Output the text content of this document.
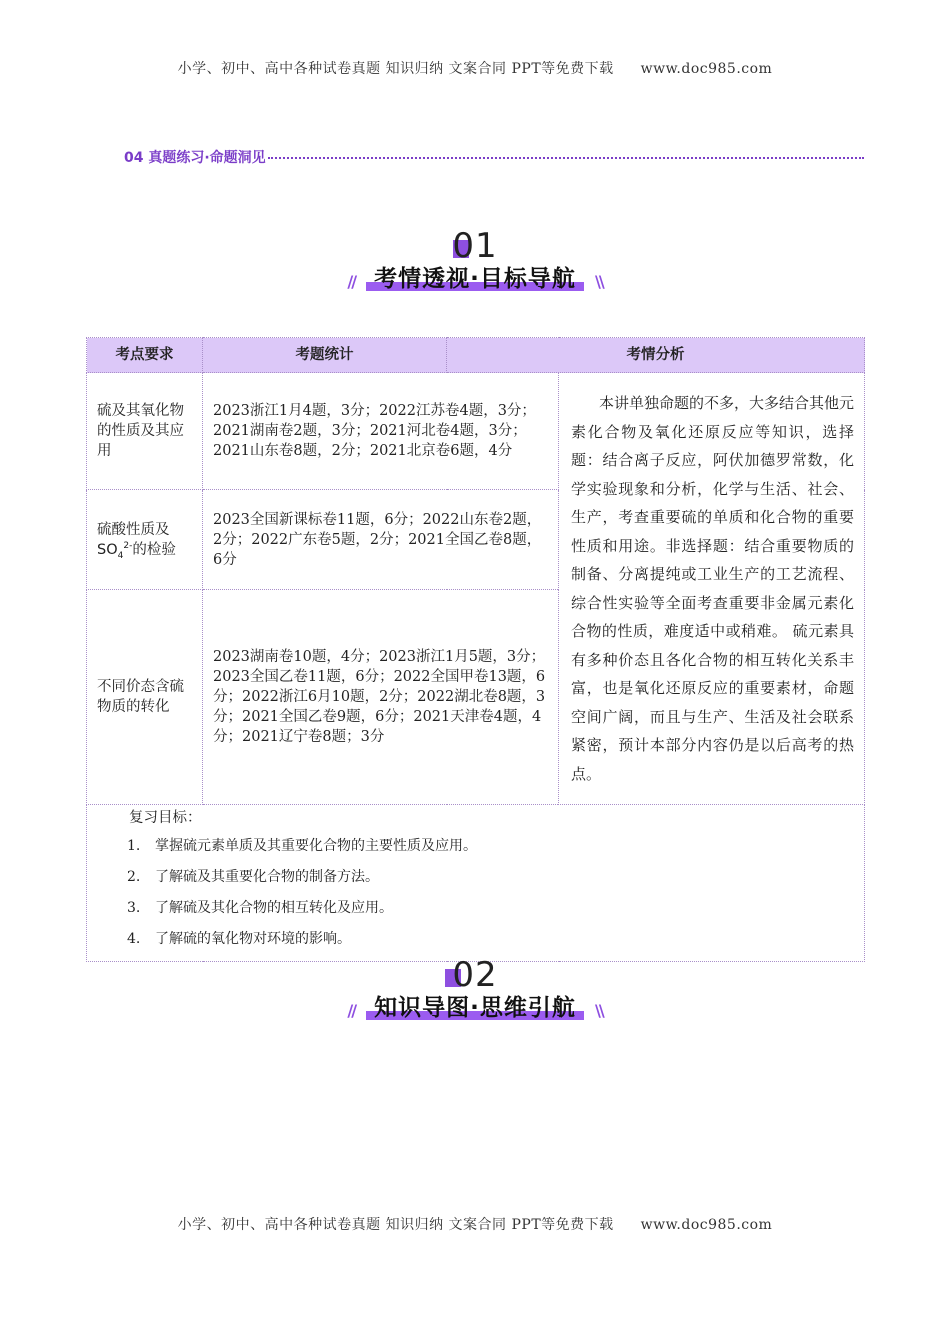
小学、初中、高中各种试卷真题 知识归纳 文案合同 PPT等免费下载 www.doc985.com
04 真题练习·命题洞见
01
// 考情透视·目标导航 \\
考点要求	考题统计	考情分析	
硫及其氧化物的性质及其应用	2023浙江1月4题，3分；2022江苏卷4题，3分；2021湖南卷2题，3分；2021河北卷4题，3分；2021山东卷8题，2分；2021北京卷6题，4分		本讲单独命题的不多，大多结合其他元素化合物及氧化还原反应等知识，选择题：结合离子反应，阿伏加德罗常数，化学实验现象和分析，化学与生活、社会、生产，考查重要硫的单质和化合物的重要性质和用途。非选择题：结合重要物质的制备、分离提纯或工业生产的工艺流程、综合性实验等全面考查重要非金属元素化合物的性质，难度适中或稍难。 硫元素具有多种价态且各化合物的相互转化关系丰富，也是氧化还原反应的重要素材，命题空间广阔，而且与生产、生活及社会联系紧密，预计本部分内容仍是以后高考的热点。
硫酸性质及
$SO_4^{2-}$的检验	2023全国新课标卷11题，6分；2022山东卷2题，2分；2022广东卷5题，2分；2021全国乙卷8题，6分		
不同价态含硫物质的转化	2023湖南卷10题，4分；2023浙江1月5题，3分；2023全国乙卷11题，6分；2022全国甲卷13题，6分；2022浙江6月10题，2分；2022湖北卷8题，3分；2021全国乙卷9题，6分；2021天津卷4题，4分；2021辽宁卷8题；3分		

复习目标：
1. 掌握硫元素单质及其重要化合物的主要性质及应用。
2. 了解硫及其重要化合物的制备方法。
3. 了解硫及其化合物的相互转化及应用。
4. 了解硫的氧化物对环境的影响。			
02
// 知识导图·思维引航 \\
小学、初中、高中各种试卷真题 知识归纳 文案合同 PPT等免费下载 www.doc985.com
